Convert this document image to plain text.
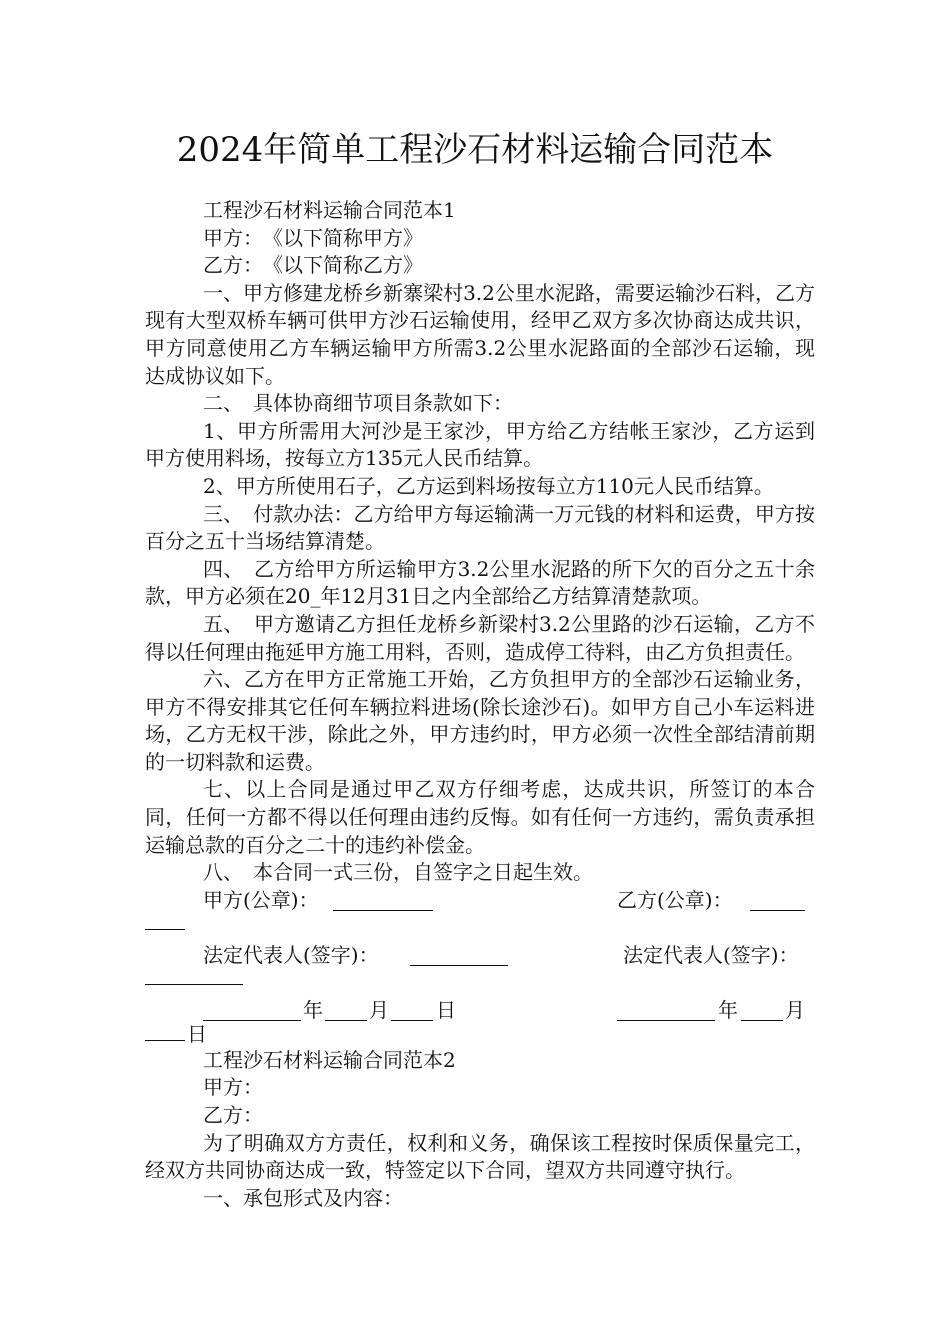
2024年简单工程沙石材料运输合同范本

工程沙石材料运输合同范本1

甲方：　《以下简称甲方》

乙方：　《以下简称乙方》

一、甲方修建龙桥乡新寨梁村3.2公里水泥路，需要运输沙石料，乙方现有大型双桥车辆可供甲方沙石运输使用，经甲乙双方多次协商达成共识，甲方同意使用乙方车辆运输甲方所需3.2公里水泥路面的全部沙石运输，现达成协议如下。

二、　具体协商细节项目条款如下：

1、甲方所需用大河沙是王家沙，甲方给乙方结帐王家沙，乙方运到甲方使用料场，按每立方135元人民币结算。

2、甲方所使用石子，乙方运到料场按每立方110元人民币结算。

三、　付款办法：乙方给甲方每运输满一万元钱的材料和运费，甲方按百分之五十当场结算清楚。

四、　乙方给甲方所运输甲方3.2公里水泥路的所下欠的百分之五十余款，甲方必须在20_年12月31日之内全部给乙方结算清楚款项。

五、　甲方邀请乙方担任龙桥乡新梁村3.2公里路的沙石运输，乙方不得以任何理由拖延甲方施工用料，否则，造成停工待料，由乙方负担责任。

六、乙方在甲方正常施工开始，乙方负担甲方的全部沙石运输业务，甲方不得安排其它任何车辆拉料进场(除长途沙石)。如甲方自己小车运料进场，乙方无权干涉，除此之外，甲方违约时，甲方必须一次性全部结清前期的一切料款和运费。

七、以上合同是通过甲乙双方仔细考虑，达成共识，所签订的本合同，任何一方都不得以任何理由违约反悔。如有任何一方违约，需负责承担运输总款的百分之二十的违约补偿金。

八、　本合同一式三份，自签字之日起生效。

甲方(公章)：	乙方(公章)：
法定代表人(签字)：	法定代表人(签字)：
年 月 日	年 月
日

工程沙石材料运输合同范本2

甲方：

乙方：

为了明确双方方责任，权利和义务，确保该工程按时保质保量完工，经双方共同协商达成一致，特签定以下合同，望双方共同遵守执行。

一、承包形式及内容：
